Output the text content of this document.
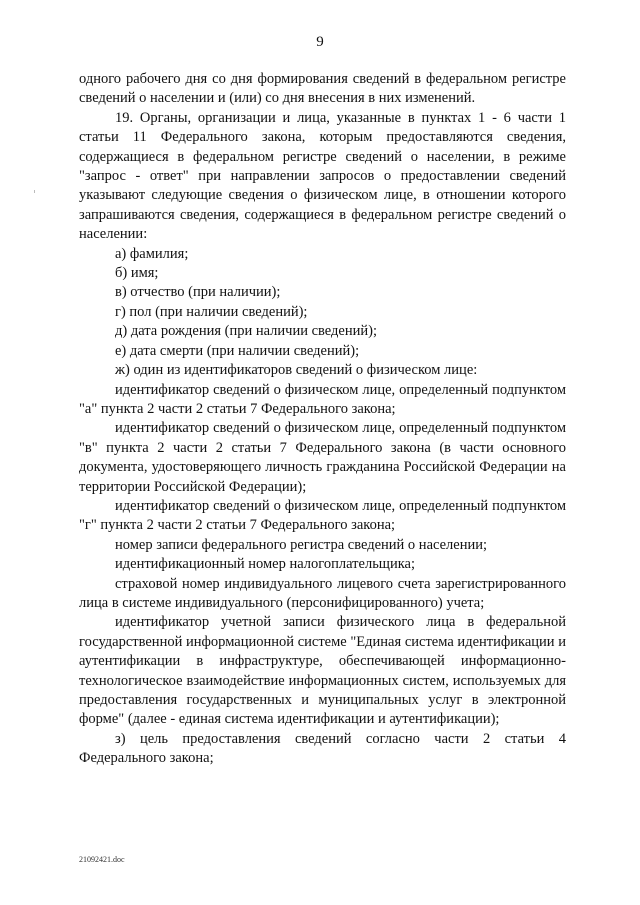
9

одного рабочего дня со дня формирования сведений в федеральном регистре сведений о населении и (или) со дня внесения в них изменений.

19. Органы, организации и лица, указанные в пунктах 1 - 6 части 1 статьи 11 Федерального закона, которым предоставляются сведения, содержащиеся в федеральном регистре сведений о населении, в режиме "запрос - ответ" при направлении запросов о предоставлении сведений указывают следующие сведения о физическом лице, в отношении которого запрашиваются сведения, содержащиеся в федеральном регистре сведений о населении:

а) фамилия;

б) имя;

в) отчество (при наличии);

г) пол (при наличии сведений);

д) дата рождения (при наличии сведений);

е) дата смерти (при наличии сведений);

ж) один из идентификаторов сведений о физическом лице:

идентификатор сведений о физическом лице, определенный подпунктом "а" пункта 2 части 2 статьи 7 Федерального закона;

идентификатор сведений о физическом лице, определенный подпунктом "в" пункта 2 части 2 статьи 7 Федерального закона (в части основного документа, удостоверяющего личность гражданина Российской Федерации на территории Российской Федерации);

идентификатор сведений о физическом лице, определенный подпунктом "г" пункта 2 части 2 статьи 7 Федерального закона;

номер записи федерального регистра сведений о населении;

идентификационный номер налогоплательщика;

страховой номер индивидуального лицевого счета зарегистрированного лица в системе индивидуального (персонифицированного) учета;

идентификатор учетной записи физического лица в федеральной государственной информационной системе "Единая система идентификации и аутентификации в инфраструктуре, обеспечивающей информационно-технологическое взаимодействие информационных систем, используемых для предоставления государственных и муниципальных услуг в электронной форме" (далее - единая система идентификации и аутентификации);

з) цель предоставления сведений согласно части 2 статьи 4 Федерального закона;

21092421.doc
